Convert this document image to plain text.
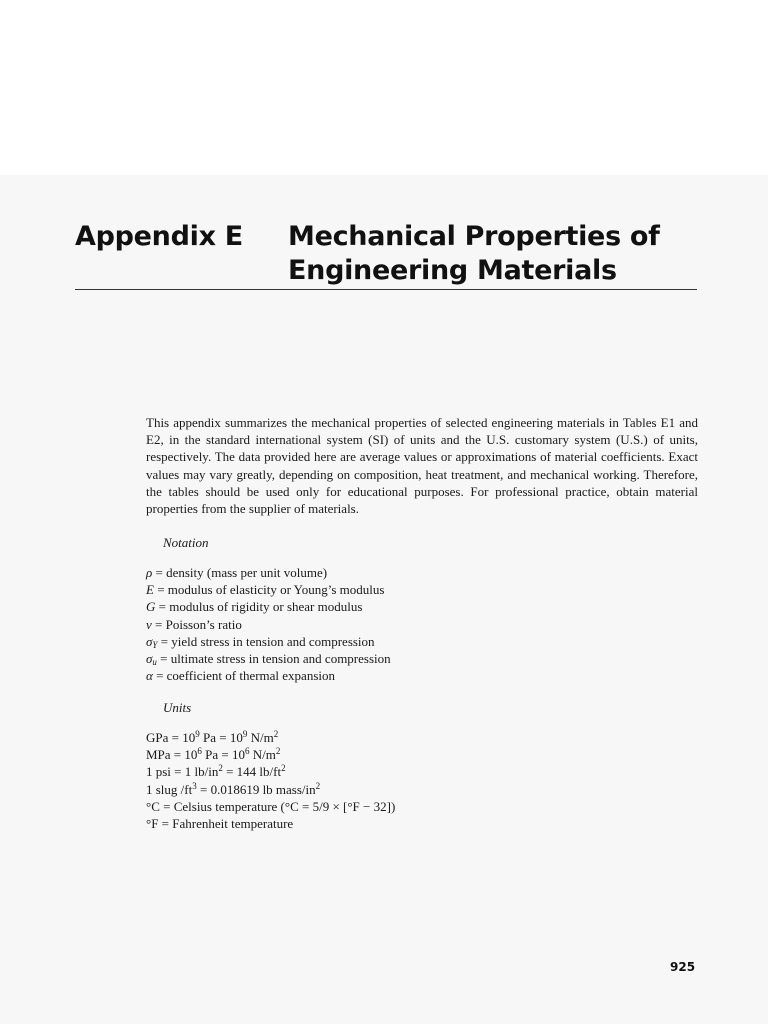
Appendix E Mechanical Properties of
Engineering Materials

This appendix summarizes the mechanical properties of selected engineering materials in Tables E1 and E2, in the standard international system (SI) of units and the U.S. customary system (U.S.) of units, respectively. The data provided here are average values or approximations of material coefficients. Exact values may vary greatly, depending on composition, heat treatment, and mechanical working. Therefore, the tables should be used only for educational purposes. For professional practice, obtain material properties from the supplier of materials.

Notation

ρ = density (mass per unit volume)
E = modulus of elasticity or Young’s modulus
G = modulus of rigidity or shear modulus
ν = Poisson’s ratio
$\sigma_Y$ = yield stress in tension and compression
$\sigma_u$ = ultimate stress in tension and compression
α = coefficient of thermal expansion

Units

GPa = $10^9$ $Pa = 10^9$ $N/m^2$
MPa = $10^6$ $Pa = 10^6$ $N/m^2$
1 psi = 1 $lb/in^2 = 144$ $lb/ft^2$
1 slug $/ft^3 = 0.018619$ lb mass/$in^2$
°C = Celsius temperature (°C = 5/9 × [°F − 32])
°F = Fahrenheit temperature
925
